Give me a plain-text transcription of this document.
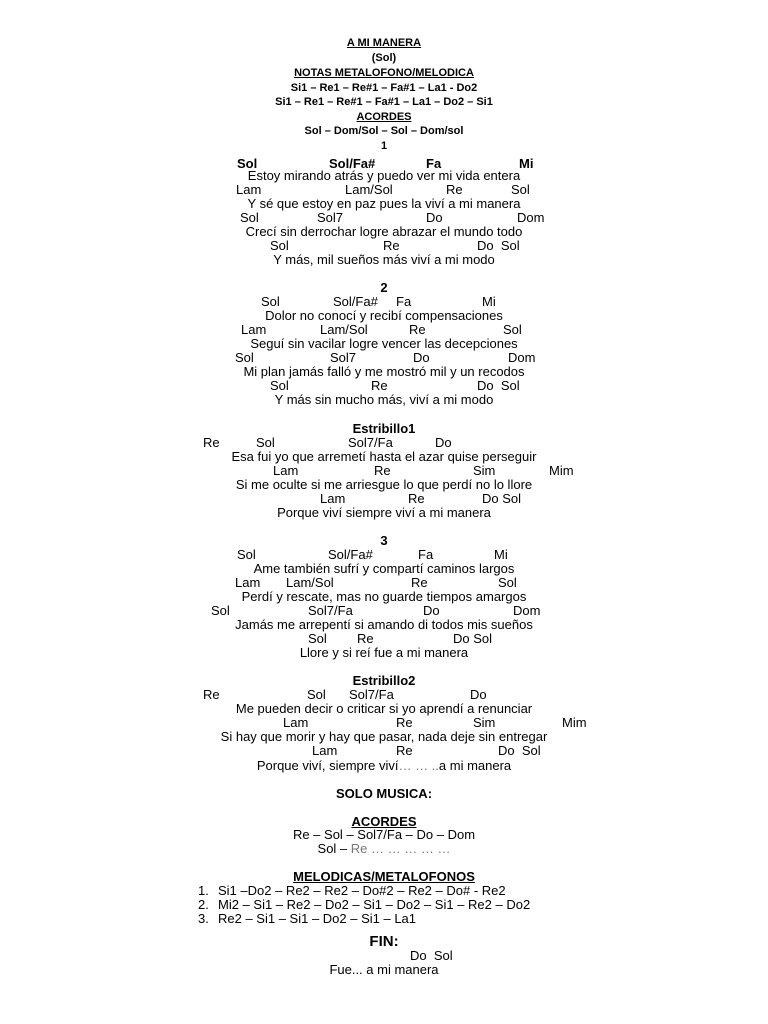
A MI MANERA
(Sol)
NOTAS METALOFONO/MELODICA
Si1 – Re1 – Re#1 – Fa#1 – La1 - Do2
Si1 – Re1 – Re#1 – Fa#1 – La1 – Do2 – Si1
ACORDES
Sol – Dom/Sol – Sol – Dom/sol
1
Sol	Sol/Fa#	Fa	Mi
Estoy mirando atrás y puedo ver mi vida entera
Lam	Lam/Sol	Re	Sol
Y sé que estoy en paz pues la viví a mi manera
Sol	Sol7	Do	Dom
Crecí sin derrochar logre abrazar el mundo todo
Sol	Re	Do  Sol
Y más, mil sueños más viví a mi modo
2
Sol	Sol/Fa# Fa	Mi
Dolor no conocí y recibí compensaciones
Lam	Lam/Sol	Re	Sol
Seguí sin vacilar logre vencer las decepciones
Sol	Sol7	Do	Dom
Mi plan jamás falló y me mostró mil y un recodos
Sol	Re	Do  Sol
Y más sin mucho más, viví a mi modo
Estribillo1
Re	Sol	Sol7/Fa	Do
Esa fui yo que arremetí hasta el azar quise perseguir
Lam	Re	Sim	Mim
Si me oculte si me arriesgue lo que perdí no lo llore
Lam	Re	Do Sol
Porque viví siempre viví a mi manera
3
Sol	Sol/Fa#	Fa	Mi
Ame también sufrí y compartí caminos largos
Lam Lam/Sol	Re	Sol
Perdí y rescate, mas no guarde tiempos amargos
Sol	Sol7/Fa	Do	Dom
Jamás me arrepentí si amando di todos mis sueños
Sol Re	Do Sol
Llore y si reí fue a mi manera
Estribillo2
Re	Sol Sol7/Fa	Do
Me pueden decir o criticar si yo aprendí a renunciar
Lam	Re	Sim	Mim
Si hay que morir y hay que pasar, nada deje sin entregar
Lam	Re	Do  Sol
Porque viví, siempre viví… … ..a mi manera
SOLO MUSICA:
ACORDES
Re – Sol – Sol7/Fa – Do – Dom
Sol – Re … … … … …
MELODICAS/METALOFONOS
1. Si1 –Do2 – Re2 – Re2 – Do#2 – Re2 – Do# - Re2
2. Mi2 – Si1 – Re2 – Do2 – Si1 – Do2 – Si1 – Re2 – Do2
3. Re2 – Si1 – Si1 – Do2 – Si1 – La1
FIN:
Do  Sol
Fue... a mi manera
